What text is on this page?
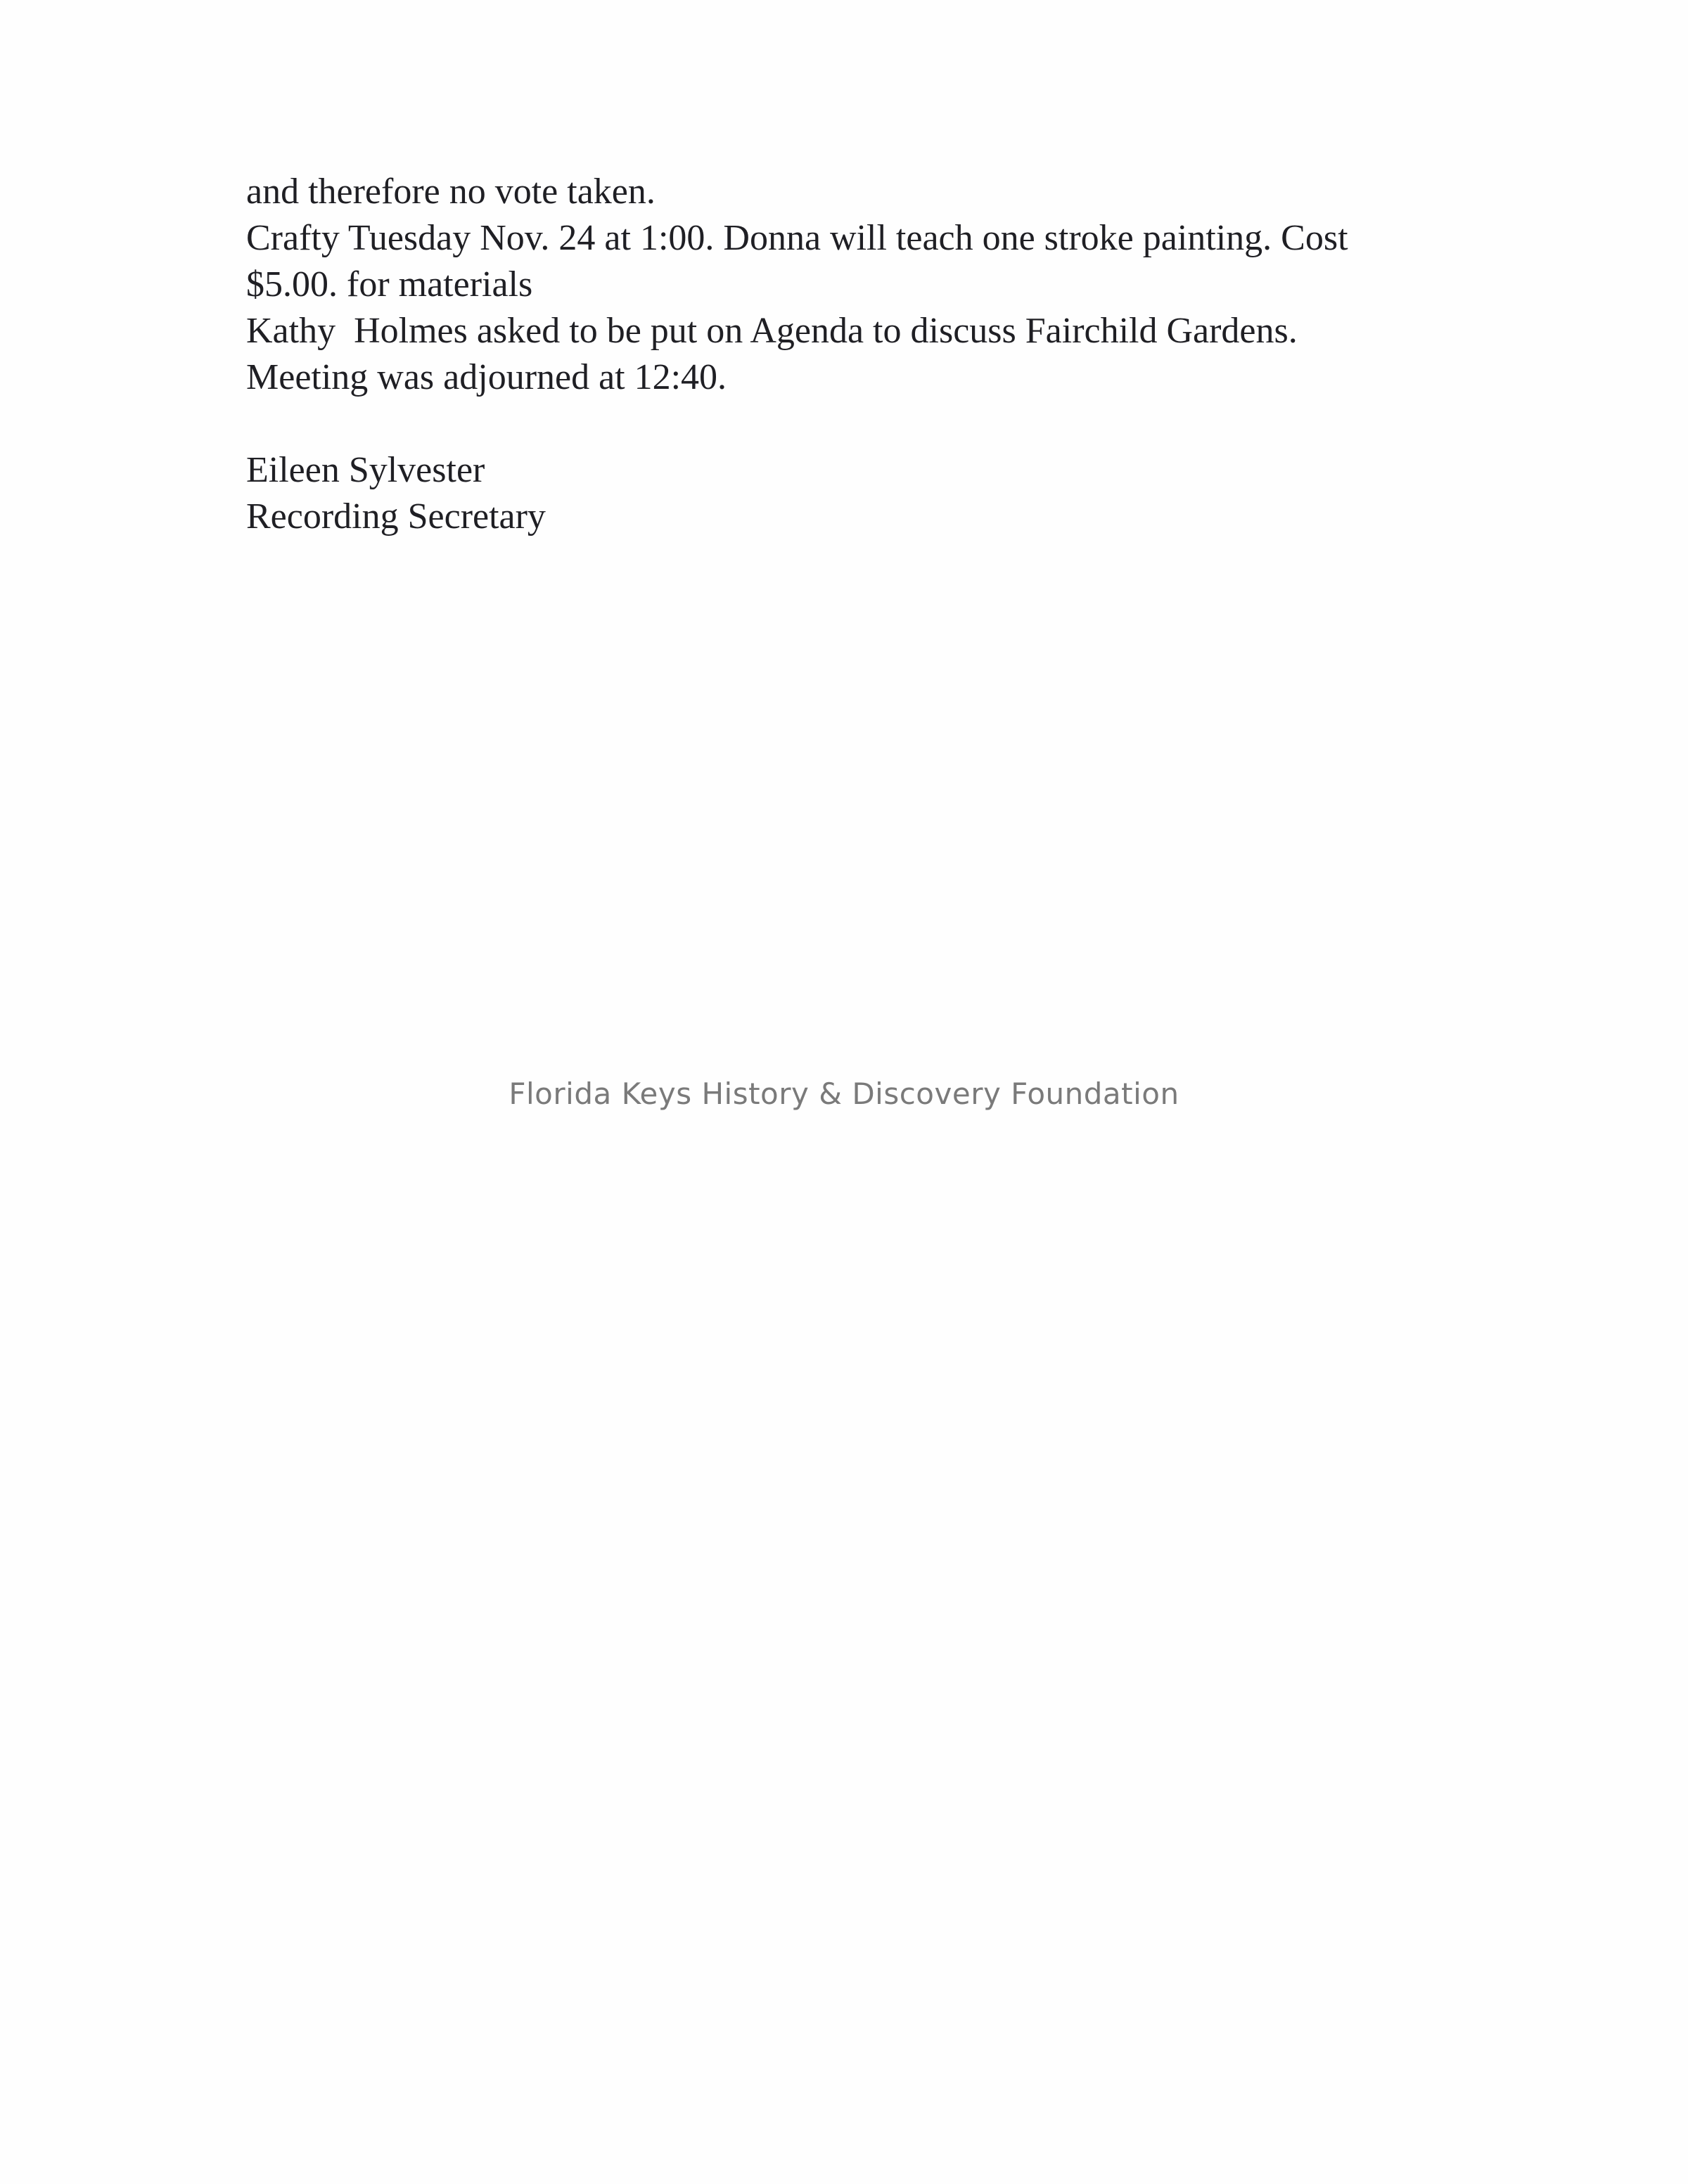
and therefore no vote taken.
Crafty Tuesday Nov. 24 at 1:00. Donna will teach one stroke painting. Cost
$5.00. for materials
Kathy  Holmes asked to be put on Agenda to discuss Fairchild Gardens.
Meeting was adjourned at 12:40.
Eileen Sylvester
Recording Secretary
Florida Keys History & Discovery Foundation
